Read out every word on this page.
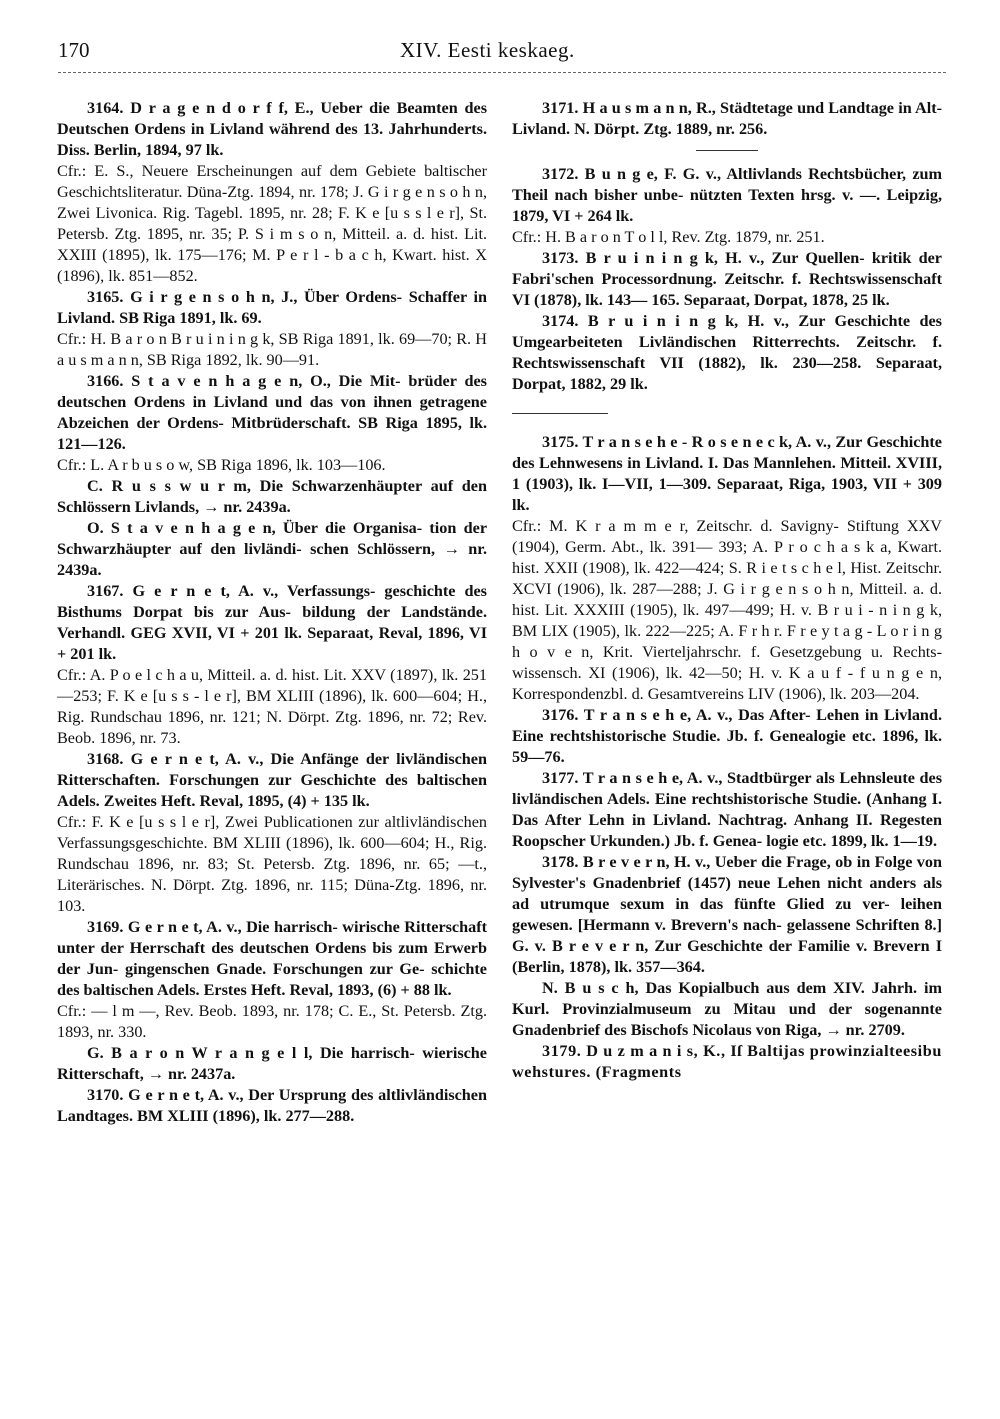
170	XIV. Eesti keskaeg.

3164. D r a g e n d o r f f, E., Ueber die Beamten des Deutschen Ordens in Livland während des 13. Jahrhunderts. Diss. Berlin, 1894, 97 lk.
Cfr.: E. S., Neuere Erscheinungen auf dem Gebiete baltischer Geschichtsliteratur. Düna-Ztg. 1894, nr. 178; J. G i r g e n s o h n, Zwei Livonica. Rig. Tagebl. 1895, nr. 28; F. K e [u s s l e r], St. Petersb. Ztg. 1895, nr. 35; P. S i m s o n, Mitteil. a. d. hist. Lit. XXIII (1895), lk. 175—176; M. P e r l - b a c h, Kwart. hist. X (1896), lk. 851—852.

3165. G i r g e n s o h n, J., Über Ordens- Schaffer in Livland. SB Riga 1891, lk. 69.
Cfr.: H. B a r o n B r u i n i n g k, SB Riga 1891, lk. 69—70; R. H a u s m a n n, SB Riga 1892, lk. 90—91.

3166. S t a v e n h a g e n, O., Die Mit- brüder des deutschen Ordens in Livland und das von ihnen getragene Abzeichen der Ordens- Mitbrüderschaft. SB Riga 1895, lk. 121—126.
Cfr.: L. A r b u s o w, SB Riga 1896, lk. 103—106.

C. R u s s w u r m, Die Schwarzenhäupter auf den Schlössern Livlands, → nr. 2439a.

O. S t a v e n h a g e n, Über die Organisa- tion der Schwarzhäupter auf den livländi- schen Schlössern, → nr. 2439a.

3167. G e r n e t, A. v., Verfassungs- geschichte des Bisthums Dorpat bis zur Aus- bildung der Landstände. Verhandl. GEG XVII, VI + 201 lk. Separaat, Reval, 1896, VI + 201 lk.
Cfr.: A. P o e l c h a u, Mitteil. a. d. hist. Lit. XXV (1897), lk. 251—253; F. K e [u s s - l e r], BM XLIII (1896), lk. 600—604; H., Rig. Rundschau 1896, nr. 121; N. Dörpt. Ztg. 1896, nr. 72; Rev. Beob. 1896, nr. 73.

3168. G e r n e t, A. v., Die Anfänge der livländischen Ritterschaften. Forschungen zur Geschichte des baltischen Adels. Zweites Heft. Reval, 1895, (4) + 135 lk.
Cfr.: F. K e [u s s l e r], Zwei Publicationen zur altlivländischen Verfassungsgeschichte. BM XLIII (1896), lk. 600—604; H., Rig. Rundschau 1896, nr. 83; St. Petersb. Ztg. 1896, nr. 65; —t., Literärisches. N. Dörpt. Ztg. 1896, nr. 115; Düna-Ztg. 1896, nr. 103.

3169. G e r n e t, A. v., Die harrisch- wirische Ritterschaft unter der Herrschaft des deutschen Ordens bis zum Erwerb der Jun- gingenschen Gnade. Forschungen zur Ge- schichte des baltischen Adels. Erstes Heft. Reval, 1893, (6) + 88 lk.
Cfr.: — l m —, Rev. Beob. 1893, nr. 178; C. E., St. Petersb. Ztg. 1893, nr. 330.

G. B a r o n W r a n g e l l, Die harrisch- wierische Ritterschaft, → nr. 2437a.

3170. G e r n e t, A. v., Der Ursprung des altlivländischen Landtages. BM XLIII (1896), lk. 277—288.

3171. H a u s m a n n, R., Städtetage und Landtage in Alt-Livland. N. Dörpt. Ztg. 1889, nr. 256.

3172. B u n g e, F. G. v., Altlivlands Rechtsbücher, zum Theil nach bisher unbe- nützten Texten hrsg. v. —. Leipzig, 1879, VI + 264 lk.
Cfr.: H. B a r o n T o l l, Rev. Ztg. 1879, nr. 251.

3173. B r u i n i n g k, H. v., Zur Quellen- kritik der Fabri'schen Processordnung. Zeitschr. f. Rechtswissenschaft VI (1878), lk. 143— 165. Separaat, Dorpat, 1878, 25 lk.

3174. B r u i n i n g k, H. v., Zur Geschichte des Umgearbeiteten Livländischen Ritterrechts. Zeitschr. f. Rechtswissenschaft VII (1882), lk. 230—258. Separaat, Dorpat, 1882, 29 lk.

3175. T r a n s e h e - R o s e n e c k, A. v., Zur Geschichte des Lehnwesens in Livland. I. Das Mannlehen. Mitteil. XVIII, 1 (1903), lk. I—VII, 1—309. Separaat, Riga, 1903, VII + 309 lk.
Cfr.: M. K r a m m e r, Zeitschr. d. Savigny- Stiftung XXV (1904), Germ. Abt., lk. 391— 393; A. P r o c h a s k a, Kwart. hist. XXII (1908), lk. 422—424; S. R i e t s c h e l, Hist. Zeitschr. XCVI (1906), lk. 287—288; J. G i r g e n s o h n, Mitteil. a. d. hist. Lit. XXXIII (1905), lk. 497—499; H. v. B r u i - n i n g k, BM LIX (1905), lk. 222—225; A. F r h r. F r e y t a g - L o r i n g h o v e n, Krit. Vierteljahrschr. f. Gesetzgebung u. Rechts- wissensch. XI (1906), lk. 42—50; H. v. K a u f - f u n g e n, Korrespondenzbl. d. Gesamtvereins LIV (1906), lk. 203—204.

3176. T r a n s e h e, A. v., Das After- Lehen in Livland. Eine rechtshistorische Studie. Jb. f. Genealogie etc. 1896, lk. 59—76.

3177. T r a n s e h e, A. v., Stadtbürger als Lehnsleute des livländischen Adels. Eine rechtshistorische Studie. (Anhang I. Das After Lehn in Livland. Nachtrag. Anhang II. Regesten Roopscher Urkunden.) Jb. f. Genea- logie etc. 1899, lk. 1—19.

3178. B r e v e r n, H. v., Ueber die Frage, ob in Folge von Sylvester's Gnadenbrief (1457) neue Lehen nicht anders als ad utrumque sexum in das fünfte Glied zu ver- leihen gewesen. [Hermann v. Brevern's nach- gelassene Schriften 8.] G. v. B r e v e r n, Zur Geschichte der Familie v. Brevern I (Berlin, 1878), lk. 357—364.

N. B u s c h, Das Kopialbuch aus dem XIV. Jahrh. im Kurl. Provinzialmuseum zu Mitau und der sogenannte Gnadenbrief des Bischofs Nicolaus von Riga, → nr. 2709.

3179. D u z m a n i s, K., Iſ Baltijas prowinzialteesibu wehstures. (Fragments
